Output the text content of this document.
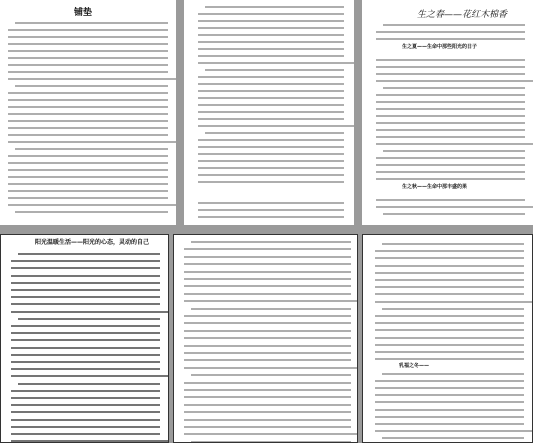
铺垫	生之春——花红木棉香
生之夏——生命中那些阳光的日子
生之秋——生命中那丰盛的果
阳光温暖生活——阳光的心态，灵动的自己
乳福之冬——
